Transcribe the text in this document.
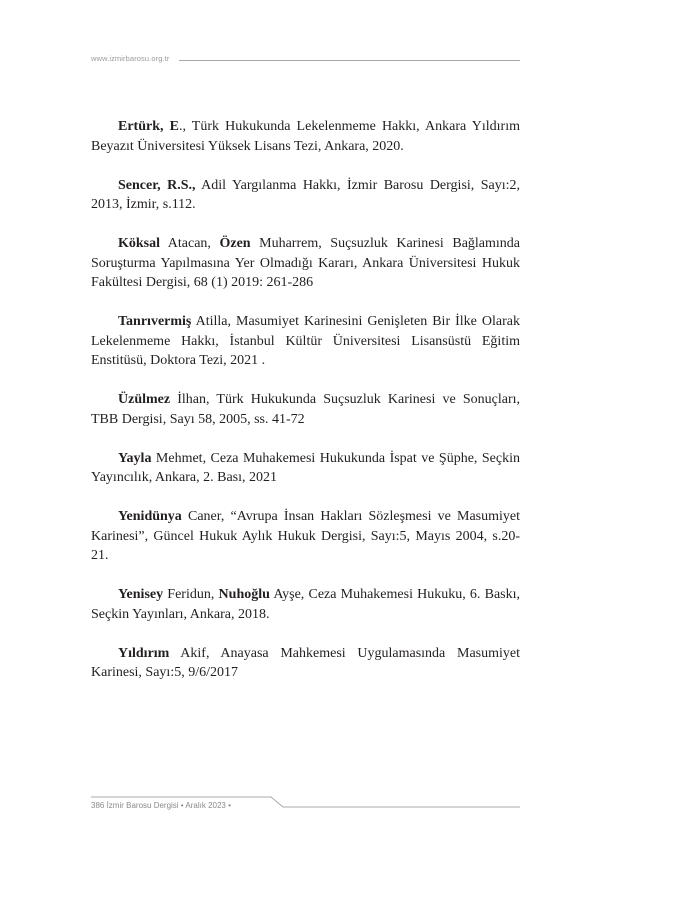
www.izmirbarosu.org.tr

Ertürk, E., Türk Hukukunda Lekelenmeme Hakkı, Ankara Yıldırım Beyazıt Üniversitesi Yüksek Lisans Tezi, Ankara, 2020.

Sencer, R.S., Adil Yargılanma Hakkı, İzmir Barosu Dergisi, Sayı:2, 2013, İzmir, s.112.

Köksal Atacan, Özen Muharrem, Suçsuzluk Karinesi Bağlamında Soruşturma Yapılmasına Yer Olmadığı Kararı, Ankara Üniversitesi Hukuk Fakültesi Dergisi, 68 (1) 2019: 261-286

Tanrıvermiş Atilla, Masumiyet Karinesini Genişleten Bir İlke Olarak Lekelenmeme Hakkı, İstanbul Kültür Üniversitesi Lisansüstü Eğitim Enstitüsü, Doktora Tezi, 2021 .

Üzülmez İlhan, Türk Hukukunda Suçsuzluk Karinesi ve Sonuçları, TBB Dergisi, Sayı 58, 2005, ss. 41-72

Yayla Mehmet, Ceza Muhakemesi Hukukunda İspat ve Şüphe, Seçkin Yayıncılık, Ankara, 2. Bası, 2021

Yenidünya Caner, “Avrupa İnsan Hakları Sözleşmesi ve Masumiyet Karinesi”, Güncel Hukuk Aylık Hukuk Dergisi, Sayı:5, Mayıs 2004, s.20-21.

Yenisey Feridun, Nuhoğlu Ayşe, Ceza Muhakemesi Hukuku, 6. Baskı, Seçkin Yayınları, Ankara, 2018.

Yıldırım Akif, Anayasa Mahkemesi Uygulamasında Masumiyet Karinesi, Sayı:5, 9/6/2017

386 İzmir Barosu Dergisi • Aralık 2023 •
